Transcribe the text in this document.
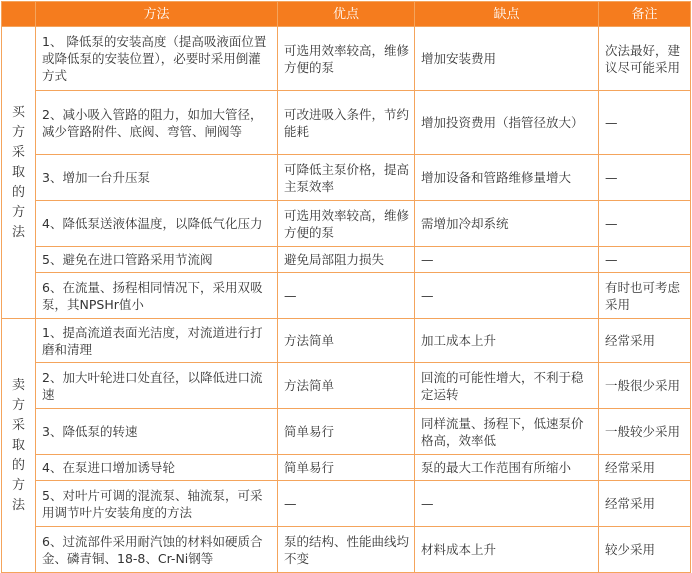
	方法	优点	缺点	备注
买方采取的方法	1、 降低泵的安装高度（提高吸液面位置或降低泵的安装位置），必要时采用倒灌方式	可选用效率较高，维修方便的泵	增加安装费用	次法最好，建议尽可能采用
	2、减小吸入管路的阻力，如加大管径，减少管路附件、底阀、弯管、闸阀等	可改进吸入条件，节约能耗	增加投资费用（指管径放大）	—
	3、增加一台升压泵	可降低主泵价格，提高主泵效率	增加设备和管路维修量增大	—
	4、降低泵送液体温度，以降低气化压力	可选用效率较高，维修方便的泵	需增加冷却系统	—
	5、避免在进口管路采用节流阀	避免局部阻力损失	—	—
	6、在流量、扬程相同情况下，采用双吸泵，其NPSHr值小	—	—	有时也可考虑采用
卖方采取的方法	1、提高流道表面光洁度，对流道进行打磨和清理	方法简单	加工成本上升	经常采用
	2、加大叶轮进口处直径，以降低进口流速	方法简单	回流的可能性增大，不利于稳定运转	一般很少采用
	3、降低泵的转速	简单易行	同样流量、扬程下，低速泵价格高，效率低	一般较少采用
	4、在泵进口增加诱导轮	简单易行	泵的最大工作范围有所缩小	经常采用
	5、对叶片可调的混流泵、轴流泵，可采用调节叶片安装角度的方法	—	—	经常采用
	6、过流部件采用耐汽蚀的材料如硬质合金、磷青铜、18-8、Cr-Ni钢等	泵的结构、性能曲线均不变	材料成本上升	较少采用
